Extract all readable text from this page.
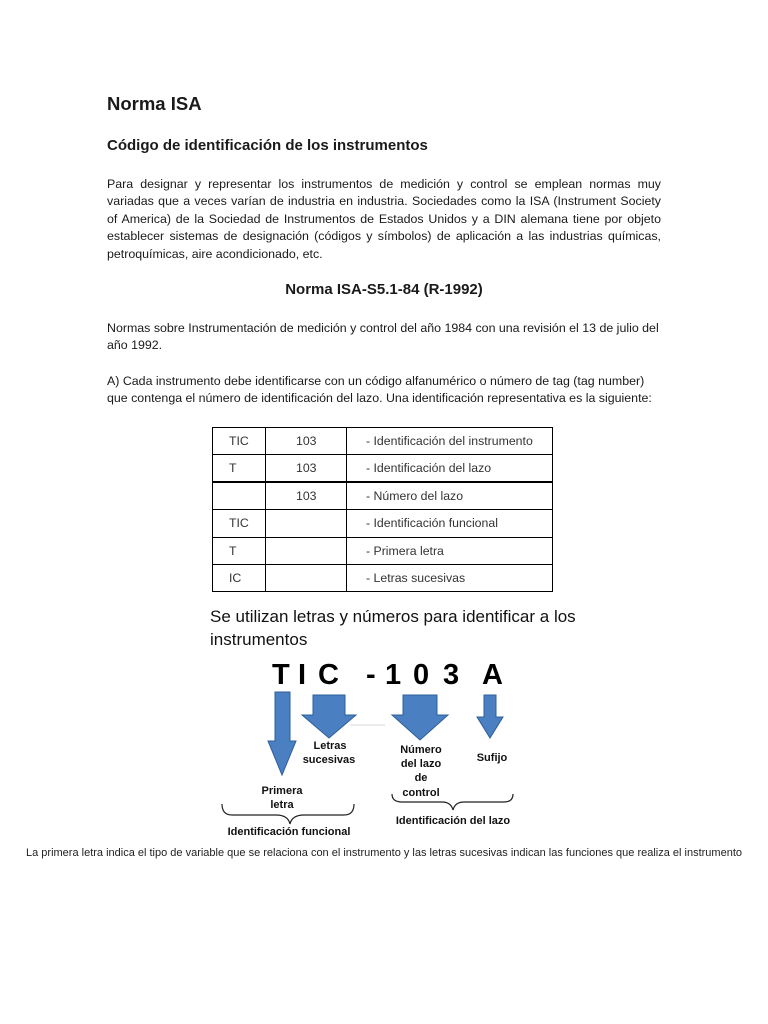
Norma ISA
Código de identificación de los instrumentos
Para designar y representar los instrumentos de medición y control se emplean normas muy variadas que a veces varían de industria en industria. Sociedades como la ISA (Instrument Society of America) de la Sociedad de Instrumentos de Estados Unidos y a DIN alemana tiene por objeto establecer sistemas de designación (códigos y símbolos) de aplicación a las industrias químicas, petroquímicas, aire acondicionado, etc.
Norma ISA-S5.1-84 (R-1992)
Normas sobre Instrumentación de medición y control del año 1984 con una revisión el 13 de julio del año 1992.
A) Cada instrumento debe identificarse con un código alfanumérico o número de tag (tag number) que contenga el número de identificación del lazo. Una identificación representativa es la siguiente:
TIC	103	- Identificación del instrumento
T	103	- Identificación del lazo
	103	- Número del lazo
TIC		- Identificación funcional
T		- Primera letra
IC		- Letras sucesivas
Se utilizan letras y números para identificar a los instrumentos
T I C - 1 0 3 A
Letras
sucesivas
Número
del lazo
de
control
Sufijo
Primera
letra
Identificación funcional
Identificación del lazo
La primera letra indica el tipo de variable que se relaciona con el instrumento y las letras sucesivas indican las funciones que realiza el instrumento
